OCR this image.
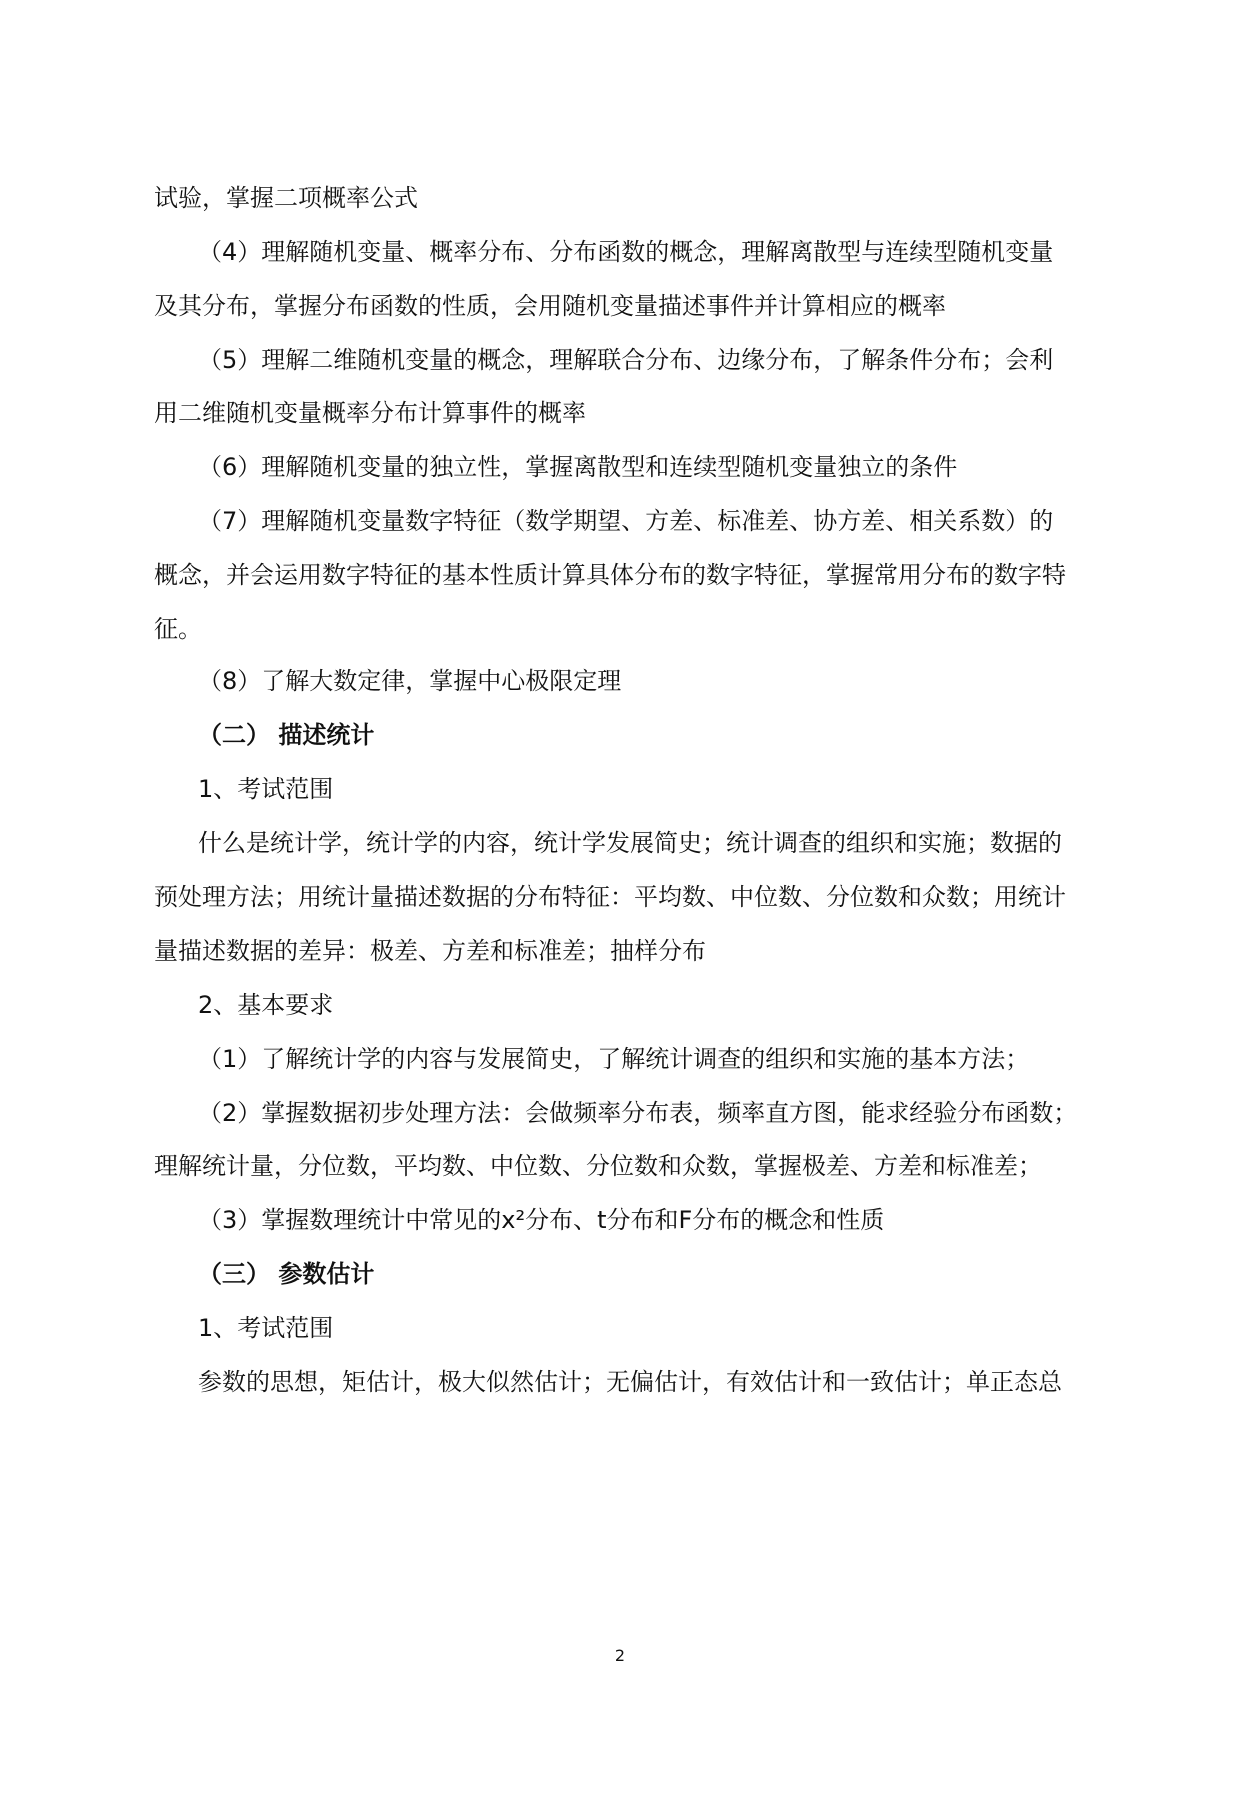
试验，掌握二项概率公式
（4）理解随机变量、概率分布、分布函数的概念，理解离散型与连续型随机变量
及其分布，掌握分布函数的性质，会用随机变量描述事件并计算相应的概率
（5）理解二维随机变量的概念，理解联合分布、边缘分布，了解条件分布；会利
用二维随机变量概率分布计算事件的概率
（6）理解随机变量的独立性，掌握离散型和连续型随机变量独立的条件
（7）理解随机变量数字特征（数学期望、方差、标准差、协方差、相关系数）的
概念，并会运用数字特征的基本性质计算具体分布的数字特征，掌握常用分布的数字特
征。
（8）了解大数定律，掌握中心极限定理
（二） 描述统计
1、考试范围
什么是统计学，统计学的内容，统计学发展简史；统计调查的组织和实施；数据的
预处理方法；用统计量描述数据的分布特征：平均数、中位数、分位数和众数；用统计
量描述数据的差异：极差、方差和标准差；抽样分布
2、基本要求
（1）了解统计学的内容与发展简史，了解统计调查的组织和实施的基本方法；
（2）掌握数据初步处理方法：会做频率分布表，频率直方图，能求经验分布函数；
理解统计量，分位数，平均数、中位数、分位数和众数，掌握极差、方差和标准差；
（3）掌握数理统计中常见的x²分布、t分布和F分布的概念和性质
（三） 参数估计
1、考试范围
参数的思想，矩估计，极大似然估计；无偏估计，有效估计和一致估计；单正态总
2
